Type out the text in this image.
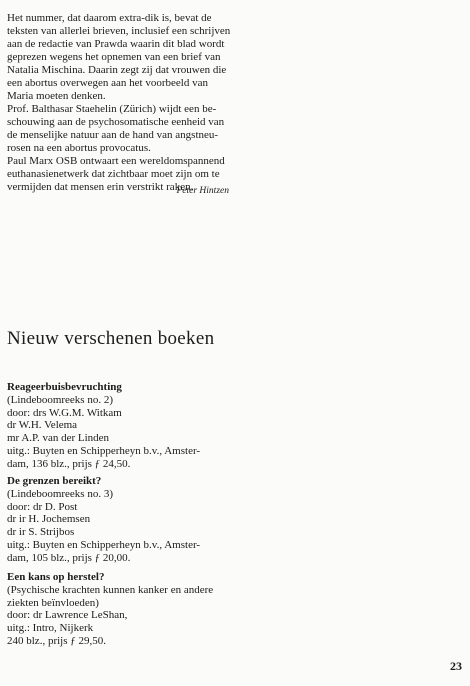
Het nummer, dat daarom extra-dik is, bevat de
teksten van allerlei brieven, inclusief een schrijven
aan de redactie van Prawda waarin dit blad wordt
geprezen wegens het opnemen van een brief van
Natalia Mischina. Daarin zegt zij dat vrouwen die
een abortus overwegen aan het voorbeeld van
Maria moeten denken.
Prof. Balthasar Staehelin (Zürich) wijdt een be-
schouwing aan de psychosomatische eenheid van
de menselijke natuur aan de hand van angstneu-
rosen na een abortus provocatus.
Paul Marx OSB ontwaart een wereldomspannend
euthanasienetwerk dat zichtbaar moet zijn om te
vermijden dat mensen erin verstrikt raken.
Peter Hintzen
Nieuw verschenen boeken
Reageerbuisbevruchting
(Lindeboomreeks no. 2)
door: drs W.G.M. Witkam
dr W.H. Velema
mr A.P. van der Linden
uitg.: Buyten en Schipperheyn b.v., Amster-
dam, 136 blz., prijs ƒ 24,50.
De grenzen bereikt?
(Lindeboomreeks no. 3)
door: dr D. Post
dr ir H. Jochemsen
dr ir S. Strijbos
uitg.: Buyten en Schipperheyn b.v., Amster-
dam, 105 blz., prijs ƒ 20,00.
Een kans op herstel?
(Psychische krachten kunnen kanker en andere
ziekten beïnvloeden)
door: dr Lawrence LeShan,
uitg.: Intro, Nijkerk
240 blz., prijs ƒ 29,50.
23
